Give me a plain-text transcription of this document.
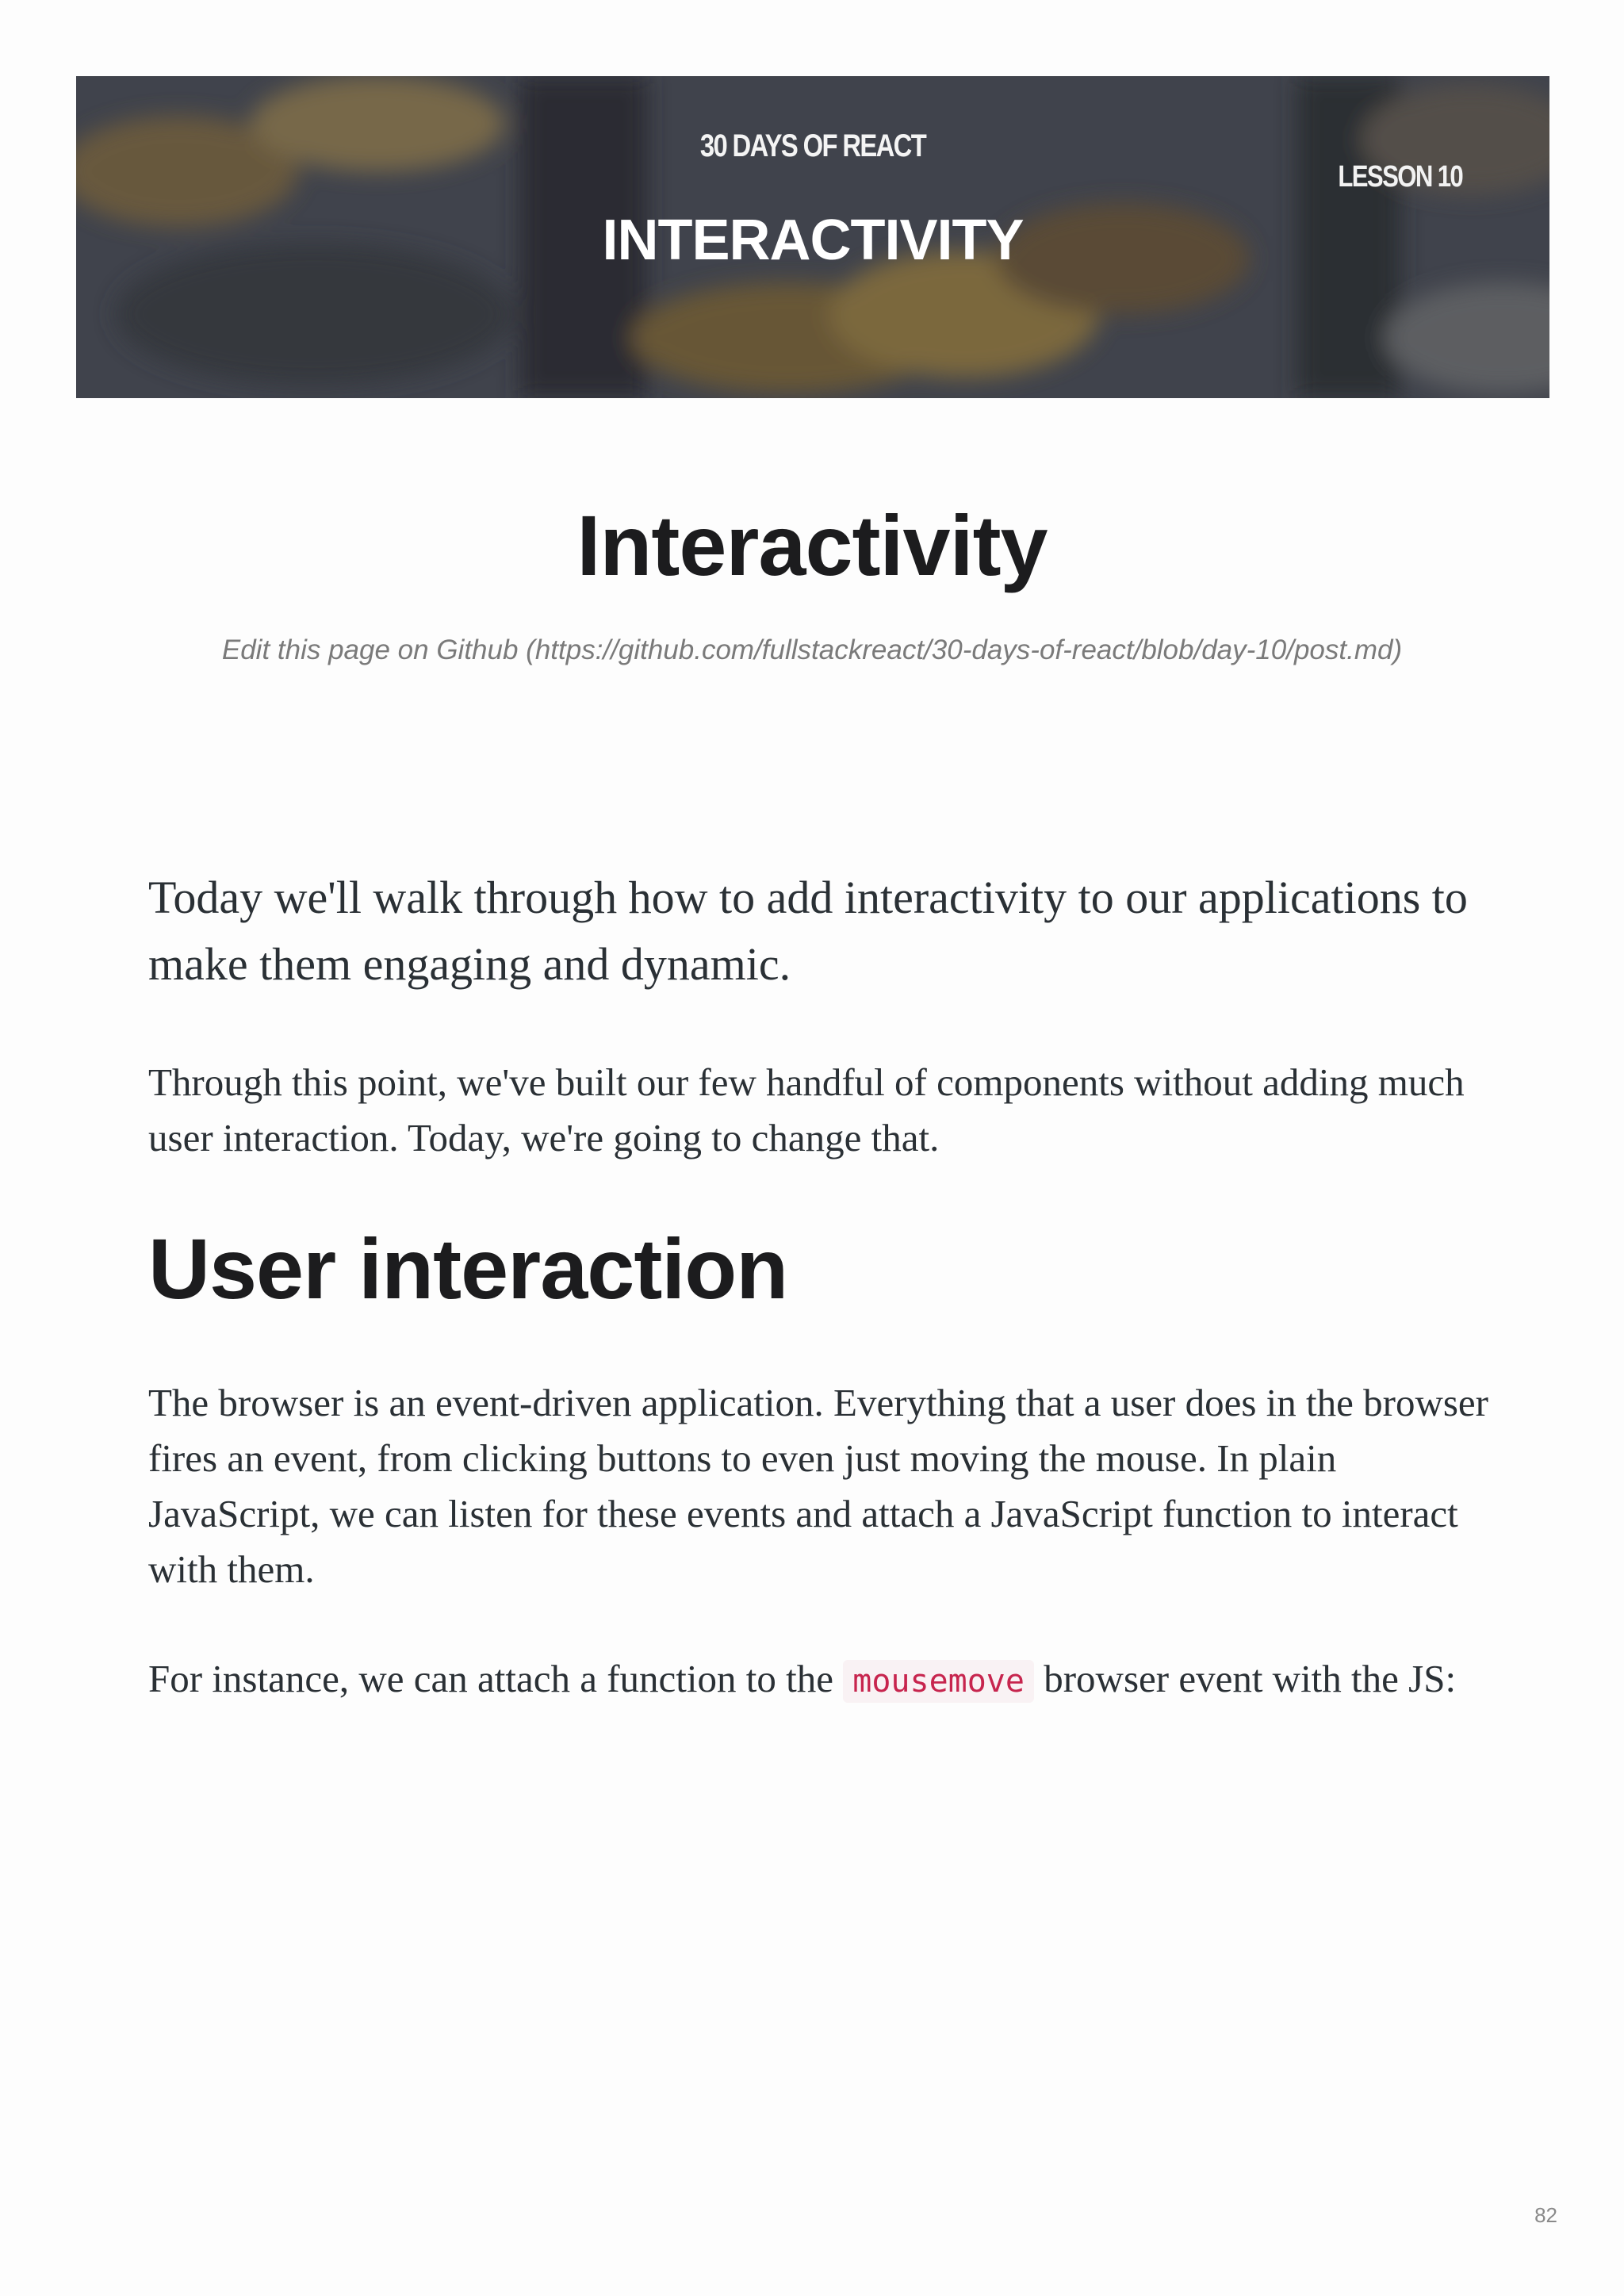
30 DAYS OF REACT
INTERACTIVITY
LESSON 10
Interactivity
Edit this page on Github (https://github.com/fullstackreact/30-days-of-react/blob/day-10/post.md)

Today we'll walk through how to add interactivity to our applications to make them engaging and dynamic.

Through this point, we've built our few handful of components without adding much user interaction. Today, we're going to change that.

User interaction

The browser is an event-driven application. Everything that a user does in the browser fires an event, from clicking buttons to even just moving the mouse. In plain JavaScript, we can listen for these events and attach a JavaScript function to interact with them.

For instance, we can attach a function to the mousemove browser event with the JS:

82
